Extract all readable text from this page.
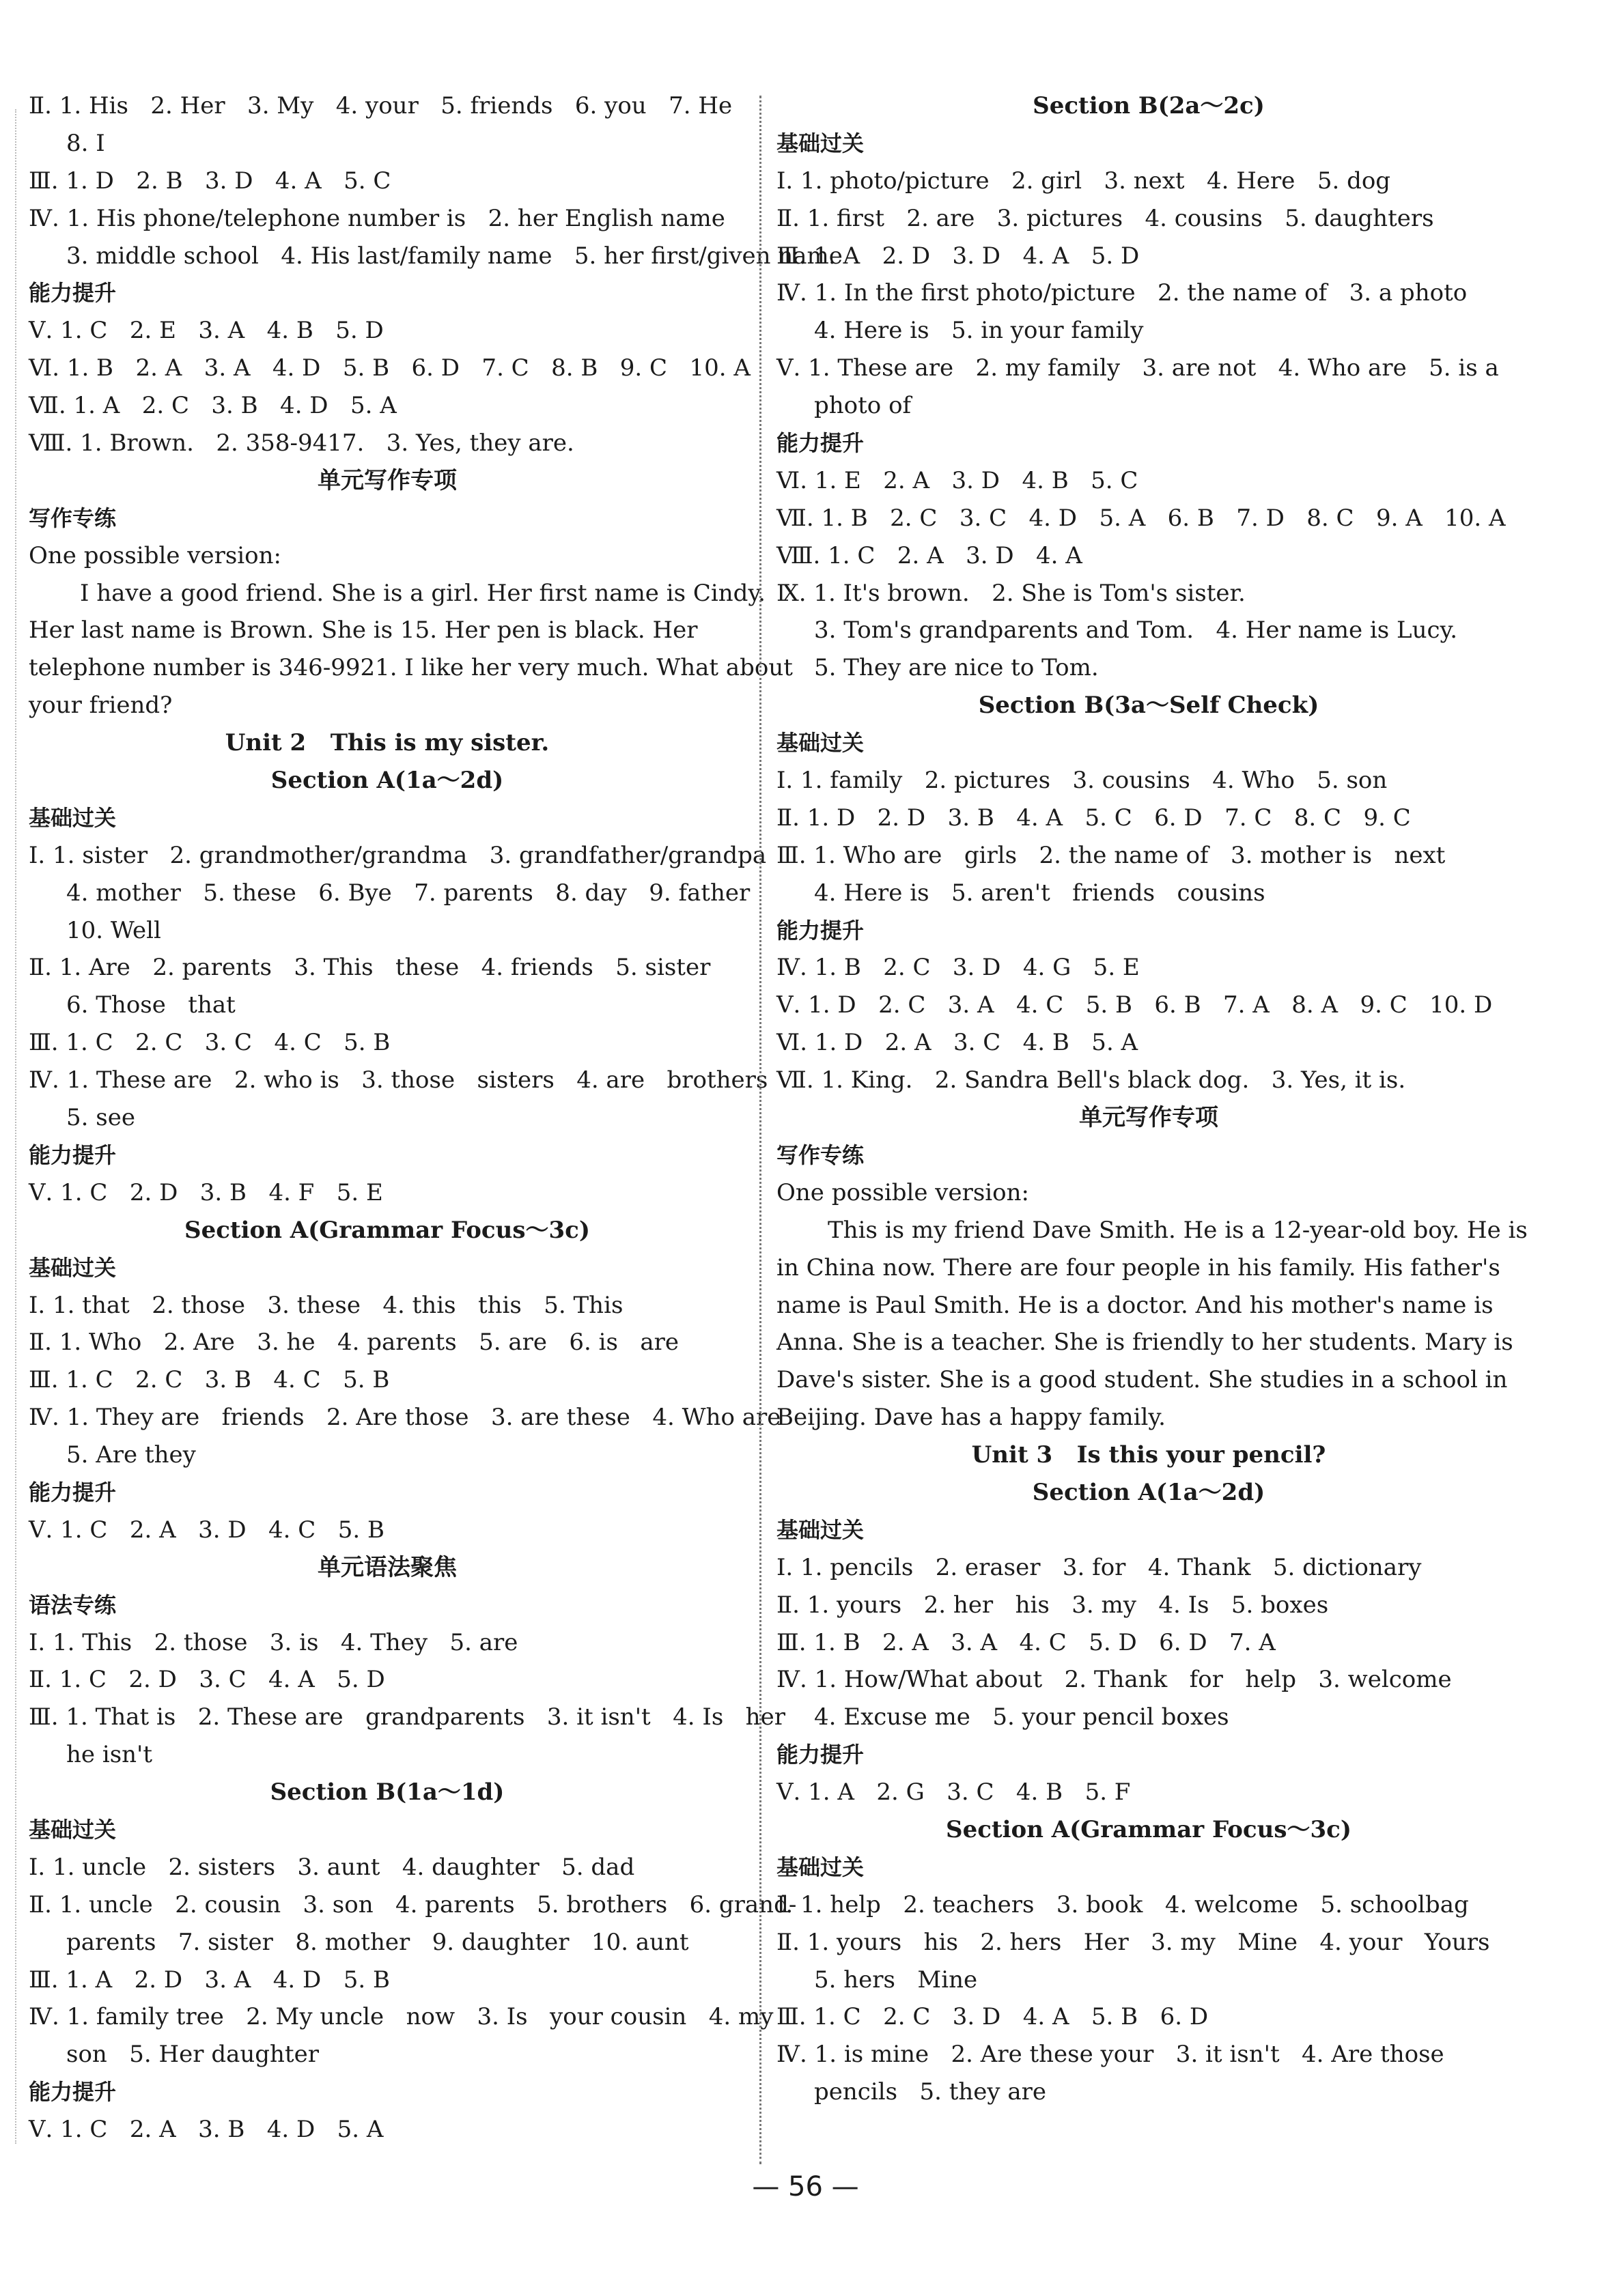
Ⅱ. 1. His   2. Her   3. My   4. your   5. friends   6. you   7. He
8. I
Ⅲ. 1. D   2. B   3. D   4. A   5. C
Ⅳ. 1. His phone/telephone number is   2. her English name
3. middle school   4. His last/family name   5. her first/given name
能力提升
Ⅴ. 1. C   2. E   3. A   4. B   5. D
Ⅵ. 1. B   2. A   3. A   4. D   5. B   6. D   7. C   8. B   9. C   10. A
Ⅶ. 1. A   2. C   3. B   4. D   5. A
Ⅷ. 1. Brown.   2. 358-9417.   3. Yes, they are.
单元写作专项
写作专练
One possible version:
I have a good friend. She is a girl. Her first name is Cindy.
Her last name is Brown. She is 15. Her pen is black. Her
telephone number is 346-9921. I like her very much. What about
your friend?
Unit 2   This is my sister.
Section A(1a～2d)
基础过关
Ⅰ. 1. sister   2. grandmother/grandma   3. grandfather/grandpa
4. mother   5. these   6. Bye   7. parents   8. day   9. father
10. Well
Ⅱ. 1. Are   2. parents   3. This   these   4. friends   5. sister
6. Those   that
Ⅲ. 1. C   2. C   3. C   4. C   5. B
Ⅳ. 1. These are   2. who is   3. those   sisters   4. are   brothers
5. see
能力提升
Ⅴ. 1. C   2. D   3. B   4. F   5. E
Section A(Grammar Focus～3c)
基础过关
Ⅰ. 1. that   2. those   3. these   4. this   this   5. This
Ⅱ. 1. Who   2. Are   3. he   4. parents   5. are   6. is   are
Ⅲ. 1. C   2. C   3. B   4. C   5. B
Ⅳ. 1. They are   friends   2. Are those   3. are these   4. Who are
5. Are they
能力提升
Ⅴ. 1. C   2. A   3. D   4. C   5. B
单元语法聚焦
语法专练
Ⅰ. 1. This   2. those   3. is   4. They   5. are
Ⅱ. 1. C   2. D   3. C   4. A   5. D
Ⅲ. 1. That is   2. These are   grandparents   3. it isn't   4. Is   her
he isn't
Section B(1a～1d)
基础过关
Ⅰ. 1. uncle   2. sisters   3. aunt   4. daughter   5. dad
Ⅱ. 1. uncle   2. cousin   3. son   4. parents   5. brothers   6. grand-
parents   7. sister   8. mother   9. daughter   10. aunt
Ⅲ. 1. A   2. D   3. A   4. D   5. B
Ⅳ. 1. family tree   2. My uncle   now   3. Is   your cousin   4. my
son   5. Her daughter
能力提升
Ⅴ. 1. C   2. A   3. B   4. D   5. A
Section B(2a～2c)
基础过关
Ⅰ. 1. photo/picture   2. girl   3. next   4. Here   5. dog
Ⅱ. 1. first   2. are   3. pictures   4. cousins   5. daughters
Ⅲ. 1. A   2. D   3. D   4. A   5. D
Ⅳ. 1. In the first photo/picture   2. the name of   3. a photo
4. Here is   5. in your family
Ⅴ. 1. These are   2. my family   3. are not   4. Who are   5. is a
photo of
能力提升
Ⅵ. 1. E   2. A   3. D   4. B   5. C
Ⅶ. 1. B   2. C   3. C   4. D   5. A   6. B   7. D   8. C   9. A   10. A
Ⅷ. 1. C   2. A   3. D   4. A
Ⅸ. 1. It's brown.   2. She is Tom's sister.
3. Tom's grandparents and Tom.   4. Her name is Lucy.
5. They are nice to Tom.
Section B(3a～Self Check)
基础过关
Ⅰ. 1. family   2. pictures   3. cousins   4. Who   5. son
Ⅱ. 1. D   2. D   3. B   4. A   5. C   6. D   7. C   8. C   9. C
Ⅲ. 1. Who are   girls   2. the name of   3. mother is   next
4. Here is   5. aren't   friends   cousins
能力提升
Ⅳ. 1. B   2. C   3. D   4. G   5. E
Ⅴ. 1. D   2. C   3. A   4. C   5. B   6. B   7. A   8. A   9. C   10. D
Ⅵ. 1. D   2. A   3. C   4. B   5. A
Ⅶ. 1. King.   2. Sandra Bell's black dog.   3. Yes, it is.
单元写作专项
写作专练
One possible version:
This is my friend Dave Smith. He is a 12-year-old boy. He is
in China now. There are four people in his family. His father's
name is Paul Smith. He is a doctor. And his mother's name is
Anna. She is a teacher. She is friendly to her students. Mary is
Dave's sister. She is a good student. She studies in a school in
Beijing. Dave has a happy family.
Unit 3   Is this your pencil?
Section A(1a～2d)
基础过关
Ⅰ. 1. pencils   2. eraser   3. for   4. Thank   5. dictionary
Ⅱ. 1. yours   2. her   his   3. my   4. Is   5. boxes
Ⅲ. 1. B   2. A   3. A   4. C   5. D   6. D   7. A
Ⅳ. 1. How/What about   2. Thank   for   help   3. welcome
4. Excuse me   5. your pencil boxes
能力提升
Ⅴ. 1. A   2. G   3. C   4. B   5. F
Section A(Grammar Focus～3c)
基础过关
Ⅰ. 1. help   2. teachers   3. book   4. welcome   5. schoolbag
Ⅱ. 1. yours   his   2. hers   Her   3. my   Mine   4. your   Yours
5. hers   Mine
Ⅲ. 1. C   2. C   3. D   4. A   5. B   6. D
Ⅳ. 1. is mine   2. Are these your   3. it isn't   4. Are those
pencils   5. they are
— 56 —
